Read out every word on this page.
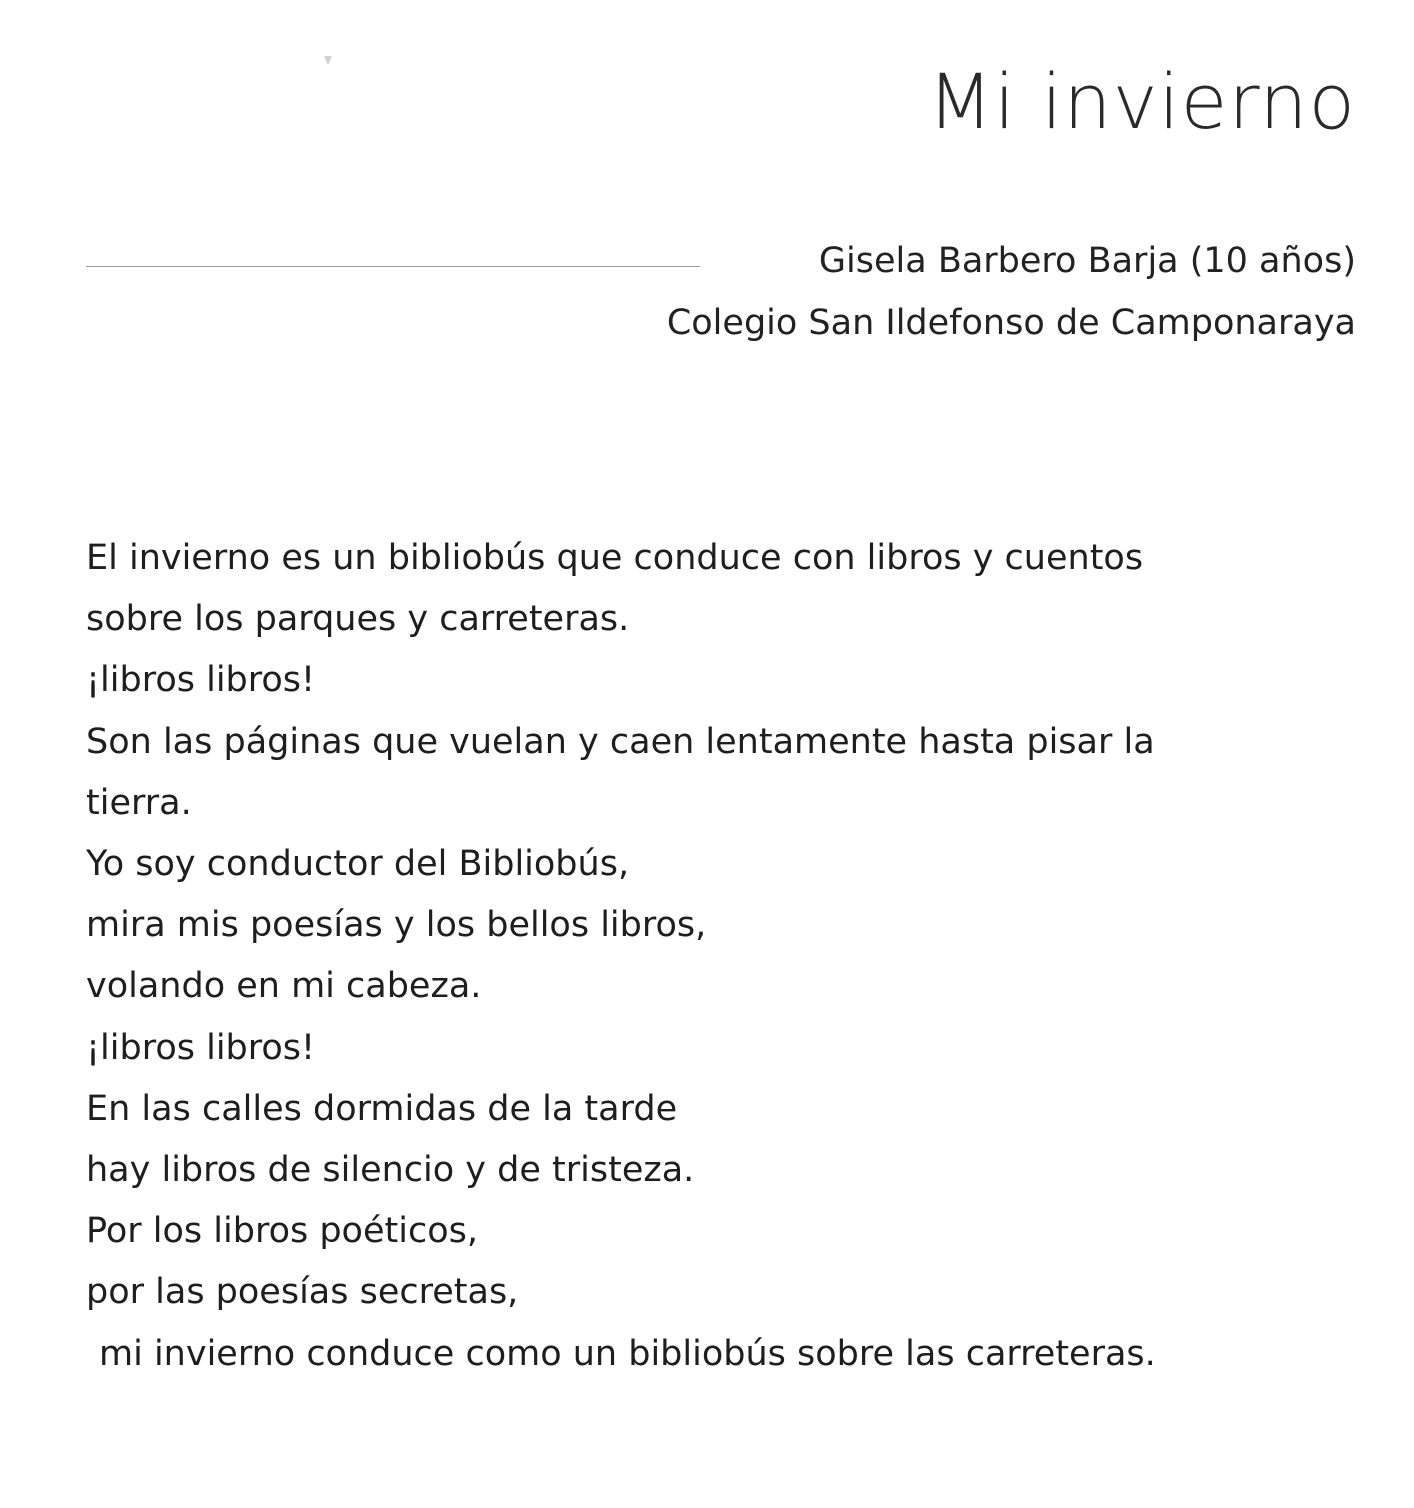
Mi invierno
Gisela Barbero Barja (10 años)
Colegio San Ildefonso de Camponaraya
El invierno es un bibliobús que conduce con libros y cuentos
sobre los parques y carreteras.
¡libros libros!
Son las páginas que vuelan y caen lentamente hasta pisar la
tierra.
Yo soy conductor del Bibliobús,
mira mis poesías y los bellos libros,
volando en mi cabeza.
¡libros libros!
En las calles dormidas de la tarde
hay libros de silencio y de tristeza.
Por los libros poéticos,
por las poesías secretas,
mi invierno conduce como un bibliobús sobre las carreteras.
